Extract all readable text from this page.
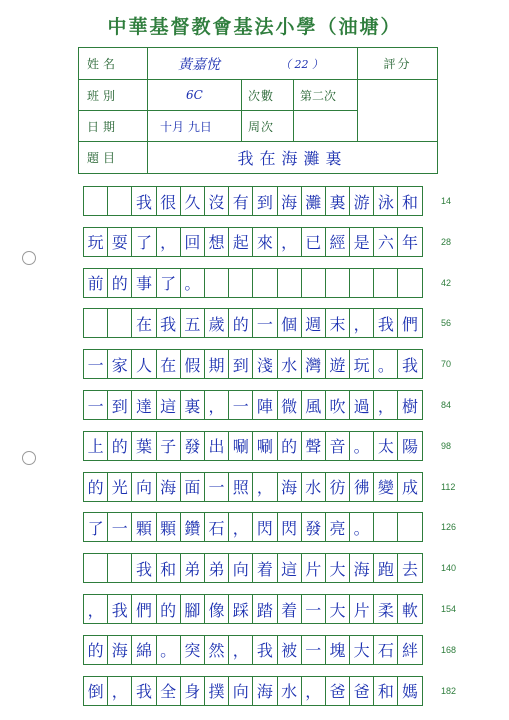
中華基督教會基法小學（油塘）
姓名	黃嘉悅	（ 22 ）	評分
班別	6C	次數	第二次
日期	十月 九日	周次
題目	我在海灘裏
我 很 久 沒 有 到 海 灘 裏 游 泳 和	14
玩 耍 了 ， 回 想 起 來 ， 已 經 是 六 年	28
前 的 事 了 。	42
在 我 五 歲 的 一 個 週 末 ， 我 們	56
一 家 人 在 假 期 到 淺 水 灣 遊 玩 。 我	70
一 到 達 這 裏 ， 一 陣 微 風 吹 過 ， 樹	84
上 的 葉 子 發 出 唰 唰 的 聲 音 。 太 陽	98
的 光 向 海 面 一 照 ， 海 水 彷 彿 變 成	112
了 一 顆 顆 鑽 石 ， 閃 閃 發 亮 。	126
我 和 弟 弟 向 着 這 片 大 海 跑 去	140
， 我 們 的 腳 像 踩 踏 着 一 大 片 柔 軟	154
的 海 綿 。 突 然 ， 我 被 一 塊 大 石 絆	168
倒 ， 我 全 身 撲 向 海 水 ， 爸 爸 和 媽	182
